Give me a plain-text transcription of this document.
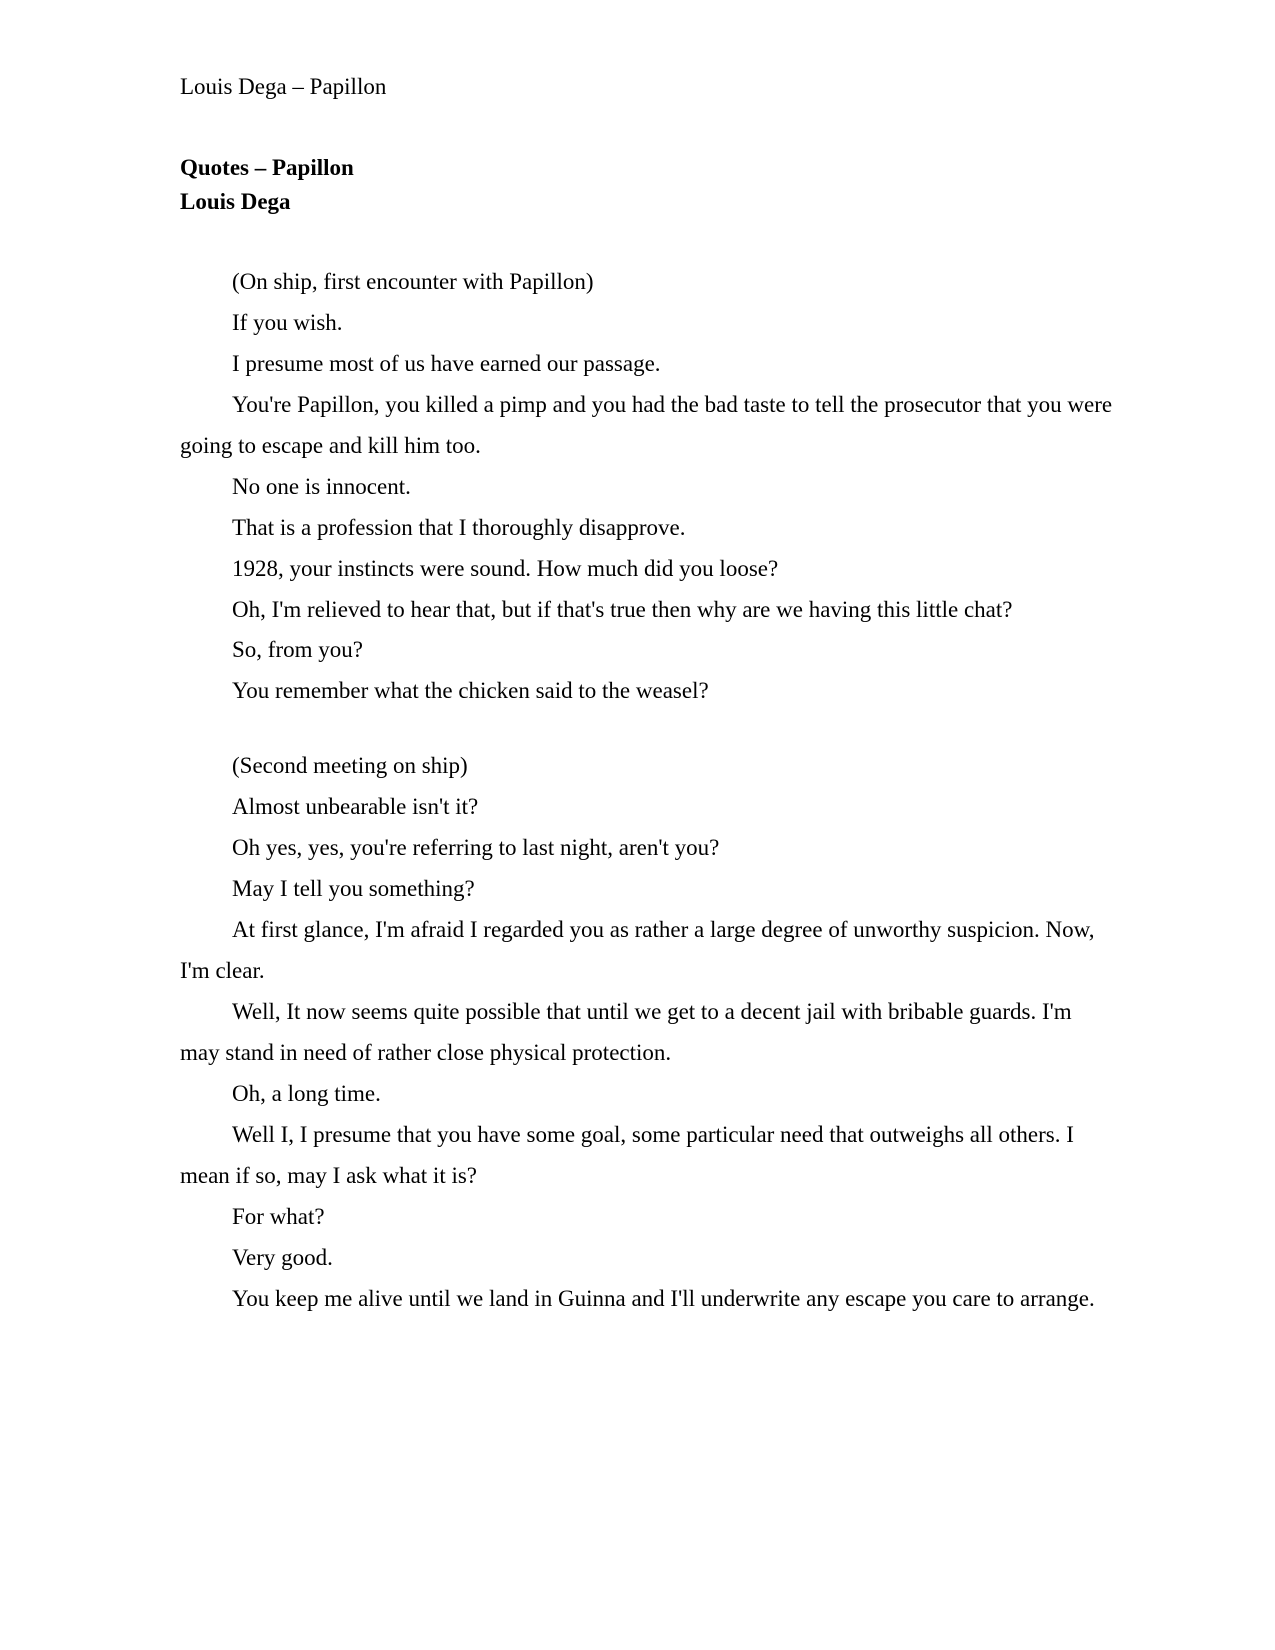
Louis Dega – Papillon
Quotes – Papillon
Louis Dega

(On ship, first encounter with Papillon)

If you wish.

I presume most of us have earned our passage.

You're Papillon, you killed a pimp and you had the bad taste to tell the prosecutor that you were going to escape and kill him too.

No one is innocent.

That is a profession that I thoroughly disapprove.

1928, your instincts were sound. How much did you loose?

Oh, I'm relieved to hear that, but if that's true then why are we having this little chat?

So, from you?

You remember what the chicken said to the weasel?

(Second meeting on ship)

Almost unbearable isn't it?

Oh yes, yes, you're referring to last night, aren't you?

May I tell you something?

At first glance, I'm afraid I regarded you as rather a large degree of unworthy suspicion. Now, I'm clear.

Well, It now seems quite possible that until we get to a decent jail with bribable guards. I'm may stand in need of rather close physical protection.

Oh, a long time.

Well I, I presume that you have some goal, some particular need that outweighs all others. I mean if so, may I ask what it is?

For what?

Very good.

You keep me alive until we land in Guinna and I'll underwrite any escape you care to arrange.
